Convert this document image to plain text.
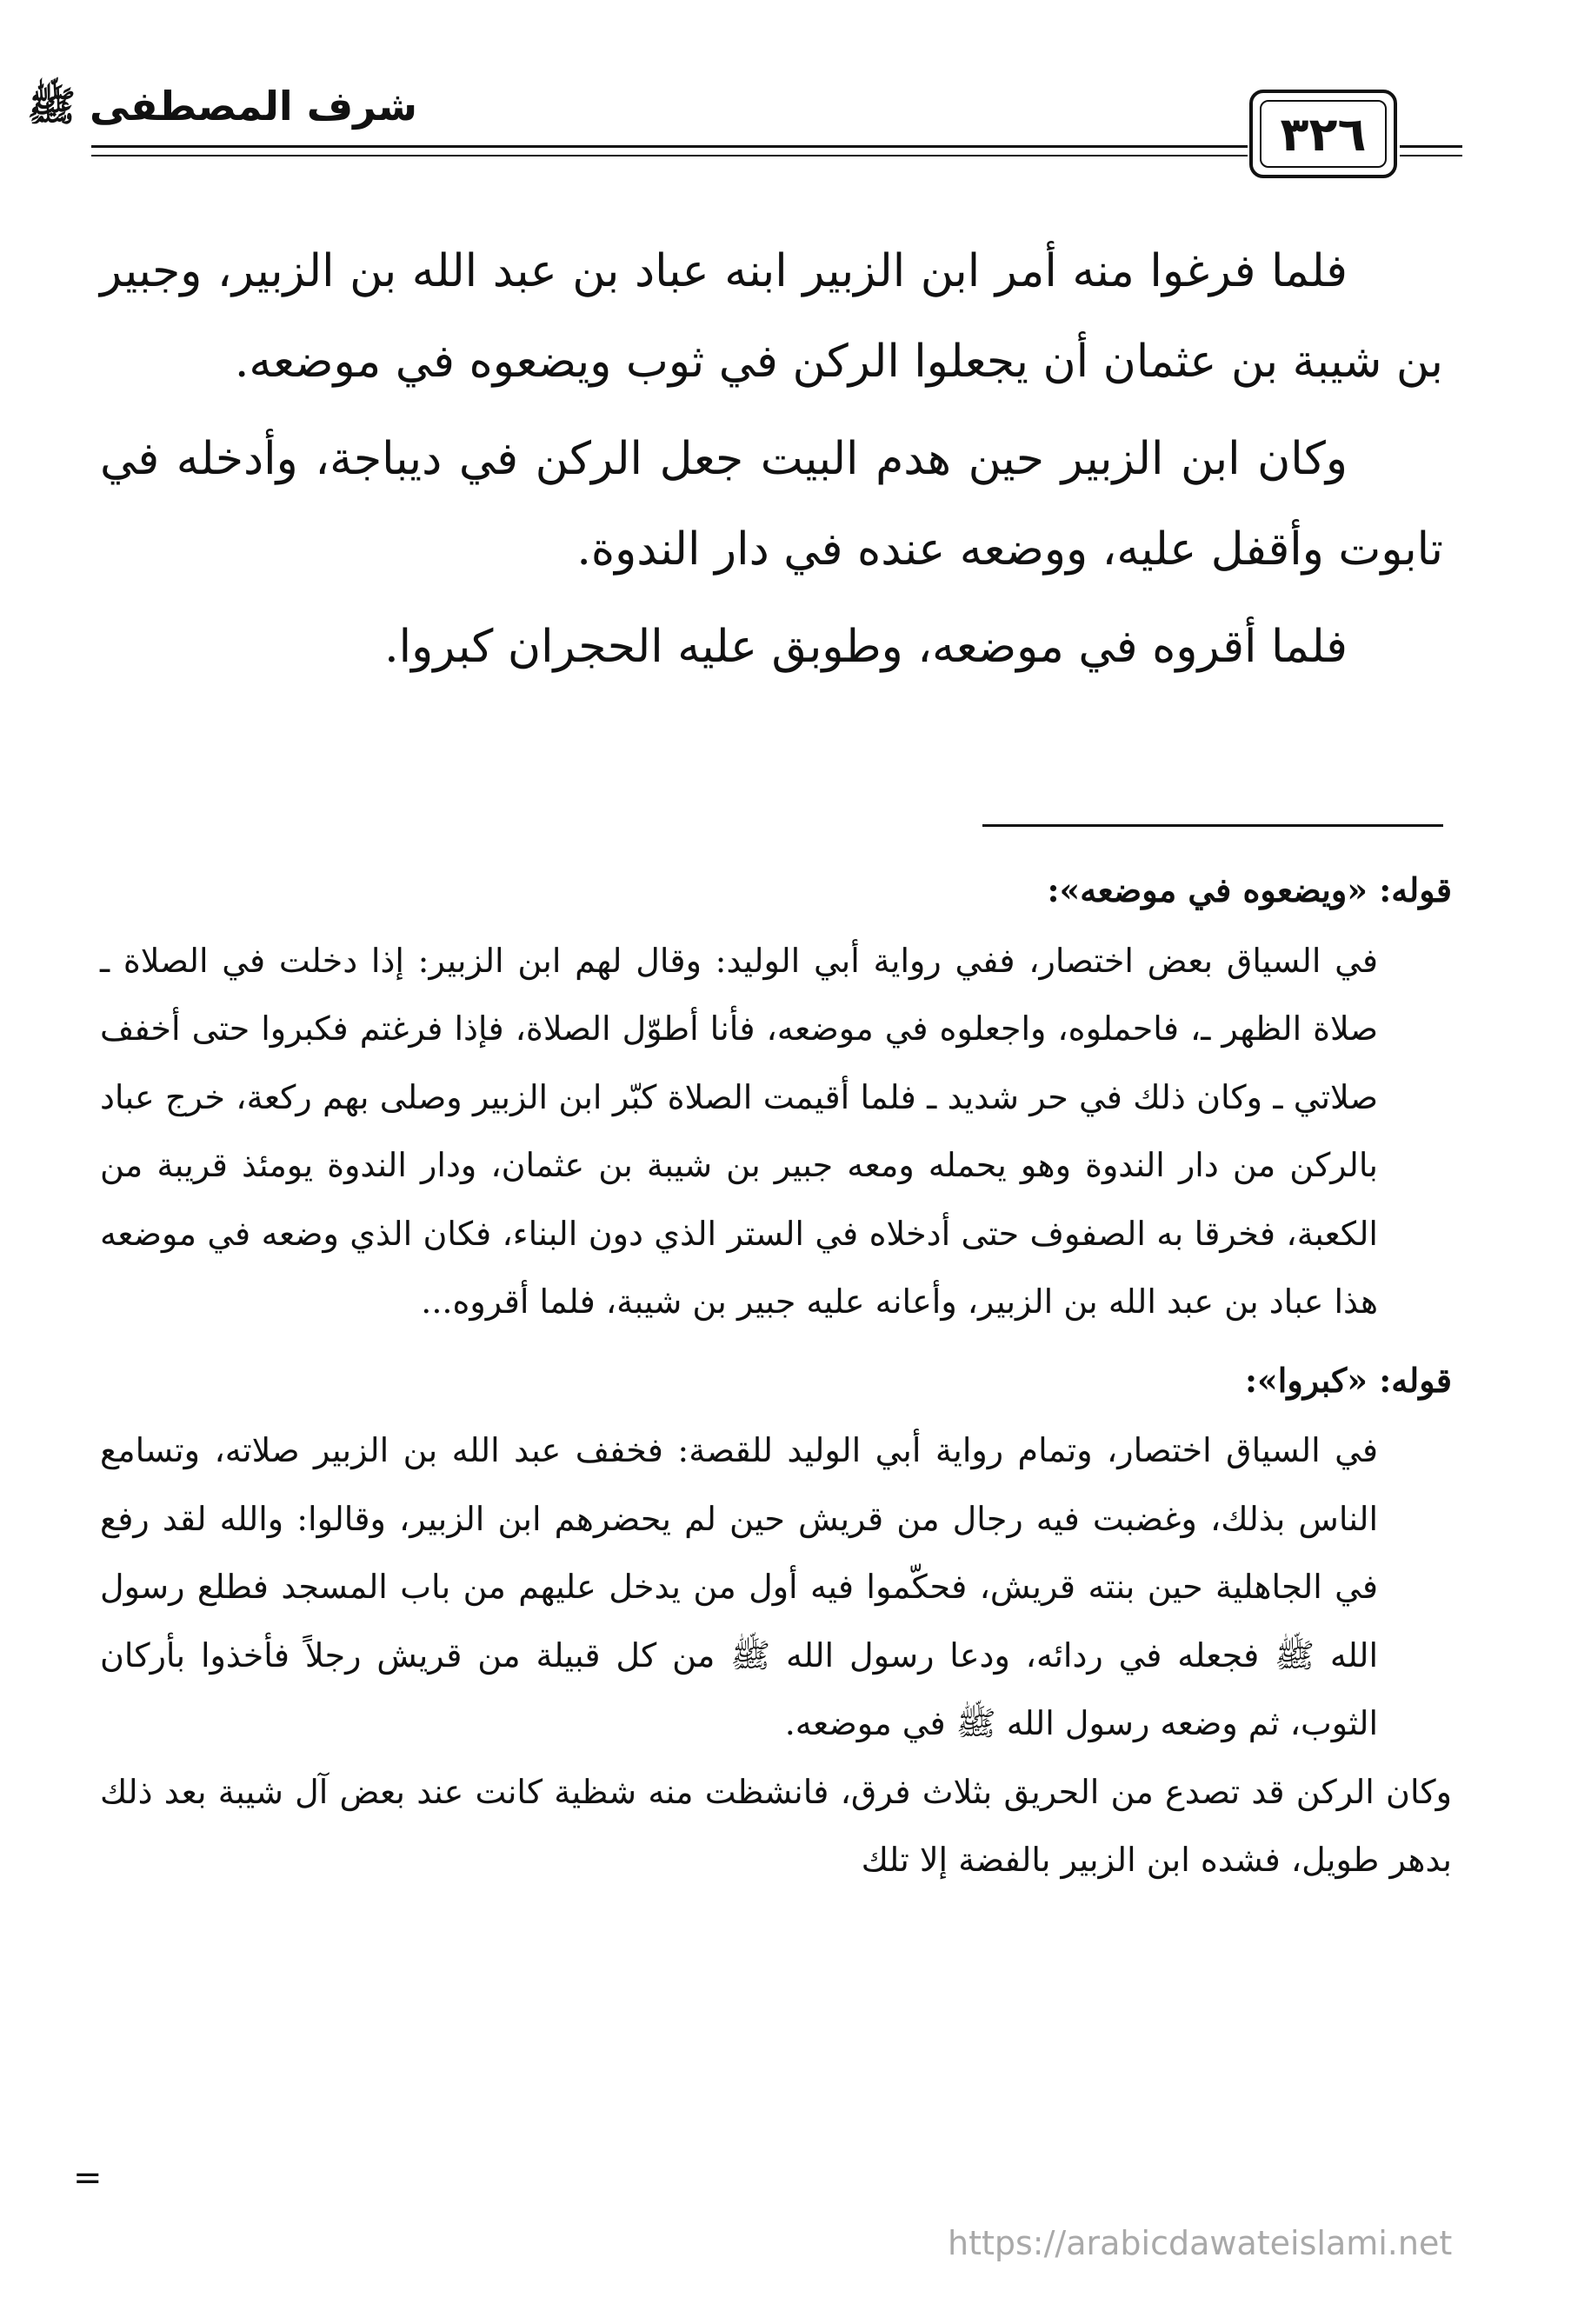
شرف المصطفى ﷺ
٣٢٦

فلما فرغوا منه أمر ابن الزبير ابنه عباد بن عبد الله بن الزبير، وجبير بن شيبة بن عثمان أن يجعلوا الركن في ثوب ويضعوه في موضعه.

وكان ابن الزبير حين هدم البيت جعل الركن في ديباجة، وأدخله في تابوت وأقفل عليه، ووضعه عنده في دار الندوة.

فلما أقروه في موضعه، وطوبق عليه الحجران كبروا.

قوله: «ويضعوه في موضعه»:

في السياق بعض اختصار، ففي رواية أبي الوليد: وقال لهم ابن الزبير: إذا دخلت في الصلاة ـ صلاة الظهر ـ، فاحملوه، واجعلوه في موضعه، فأنا أطوّل الصلاة، فإذا فرغتم فكبروا حتى أخفف صلاتي ـ وكان ذلك في حر شديد ـ فلما أقيمت الصلاة كبّر ابن الزبير وصلى بهم ركعة، خرج عباد بالركن من دار الندوة وهو يحمله ومعه جبير بن شيبة بن عثمان، ودار الندوة يومئذ قريبة من الكعبة، فخرقا به الصفوف حتى أدخلاه في الستر الذي دون البناء، فكان الذي وضعه في موضعه هذا عباد بن عبد الله بن الزبير، وأعانه عليه جبير بن شيبة، فلما أقروه...

قوله: «كبروا»:

في السياق اختصار، وتمام رواية أبي الوليد للقصة: فخفف عبد الله بن الزبير صلاته، وتسامع الناس بذلك، وغضبت فيه رجال من قريش حين لم يحضرهم ابن الزبير، وقالوا: والله لقد رفع في الجاهلية حين بنته قريش، فحكّموا فيه أول من يدخل عليهم من باب المسجد فطلع رسول الله ﷺ فجعله في ردائه، ودعا رسول الله ﷺ من كل قبيلة من قريش رجلاً فأخذوا بأركان الثوب، ثم وضعه رسول الله ﷺ في موضعه.

وكان الركن قد تصدع من الحريق بثلاث فرق، فانشظت منه شظية كانت عند بعض آل شيبة بعد ذلك بدهر طويل، فشده ابن الزبير بالفضة إلا تلك

=
https://arabicdawateislami.net
